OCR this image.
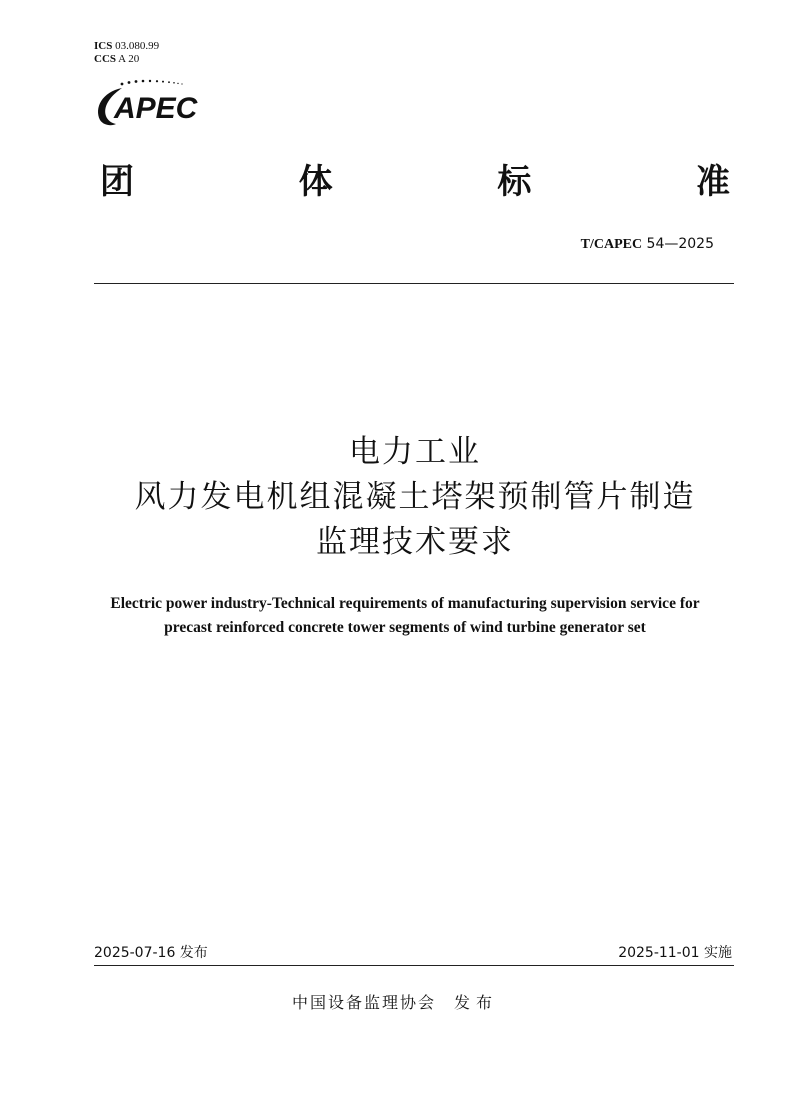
ICS 03.080.99
CCS A 20
APEC
团	体	标	准
T/CAPEC 54—2025
电力工业
风力发电机组混凝土塔架预制管片制造
监理技术要求
Electric power industry-Technical requirements of manufacturing supervision service for precast reinforced concrete tower segments of wind turbine generator set
2025-07-16 发布	2025-11-01 实施
中国设备监理协会 发布
